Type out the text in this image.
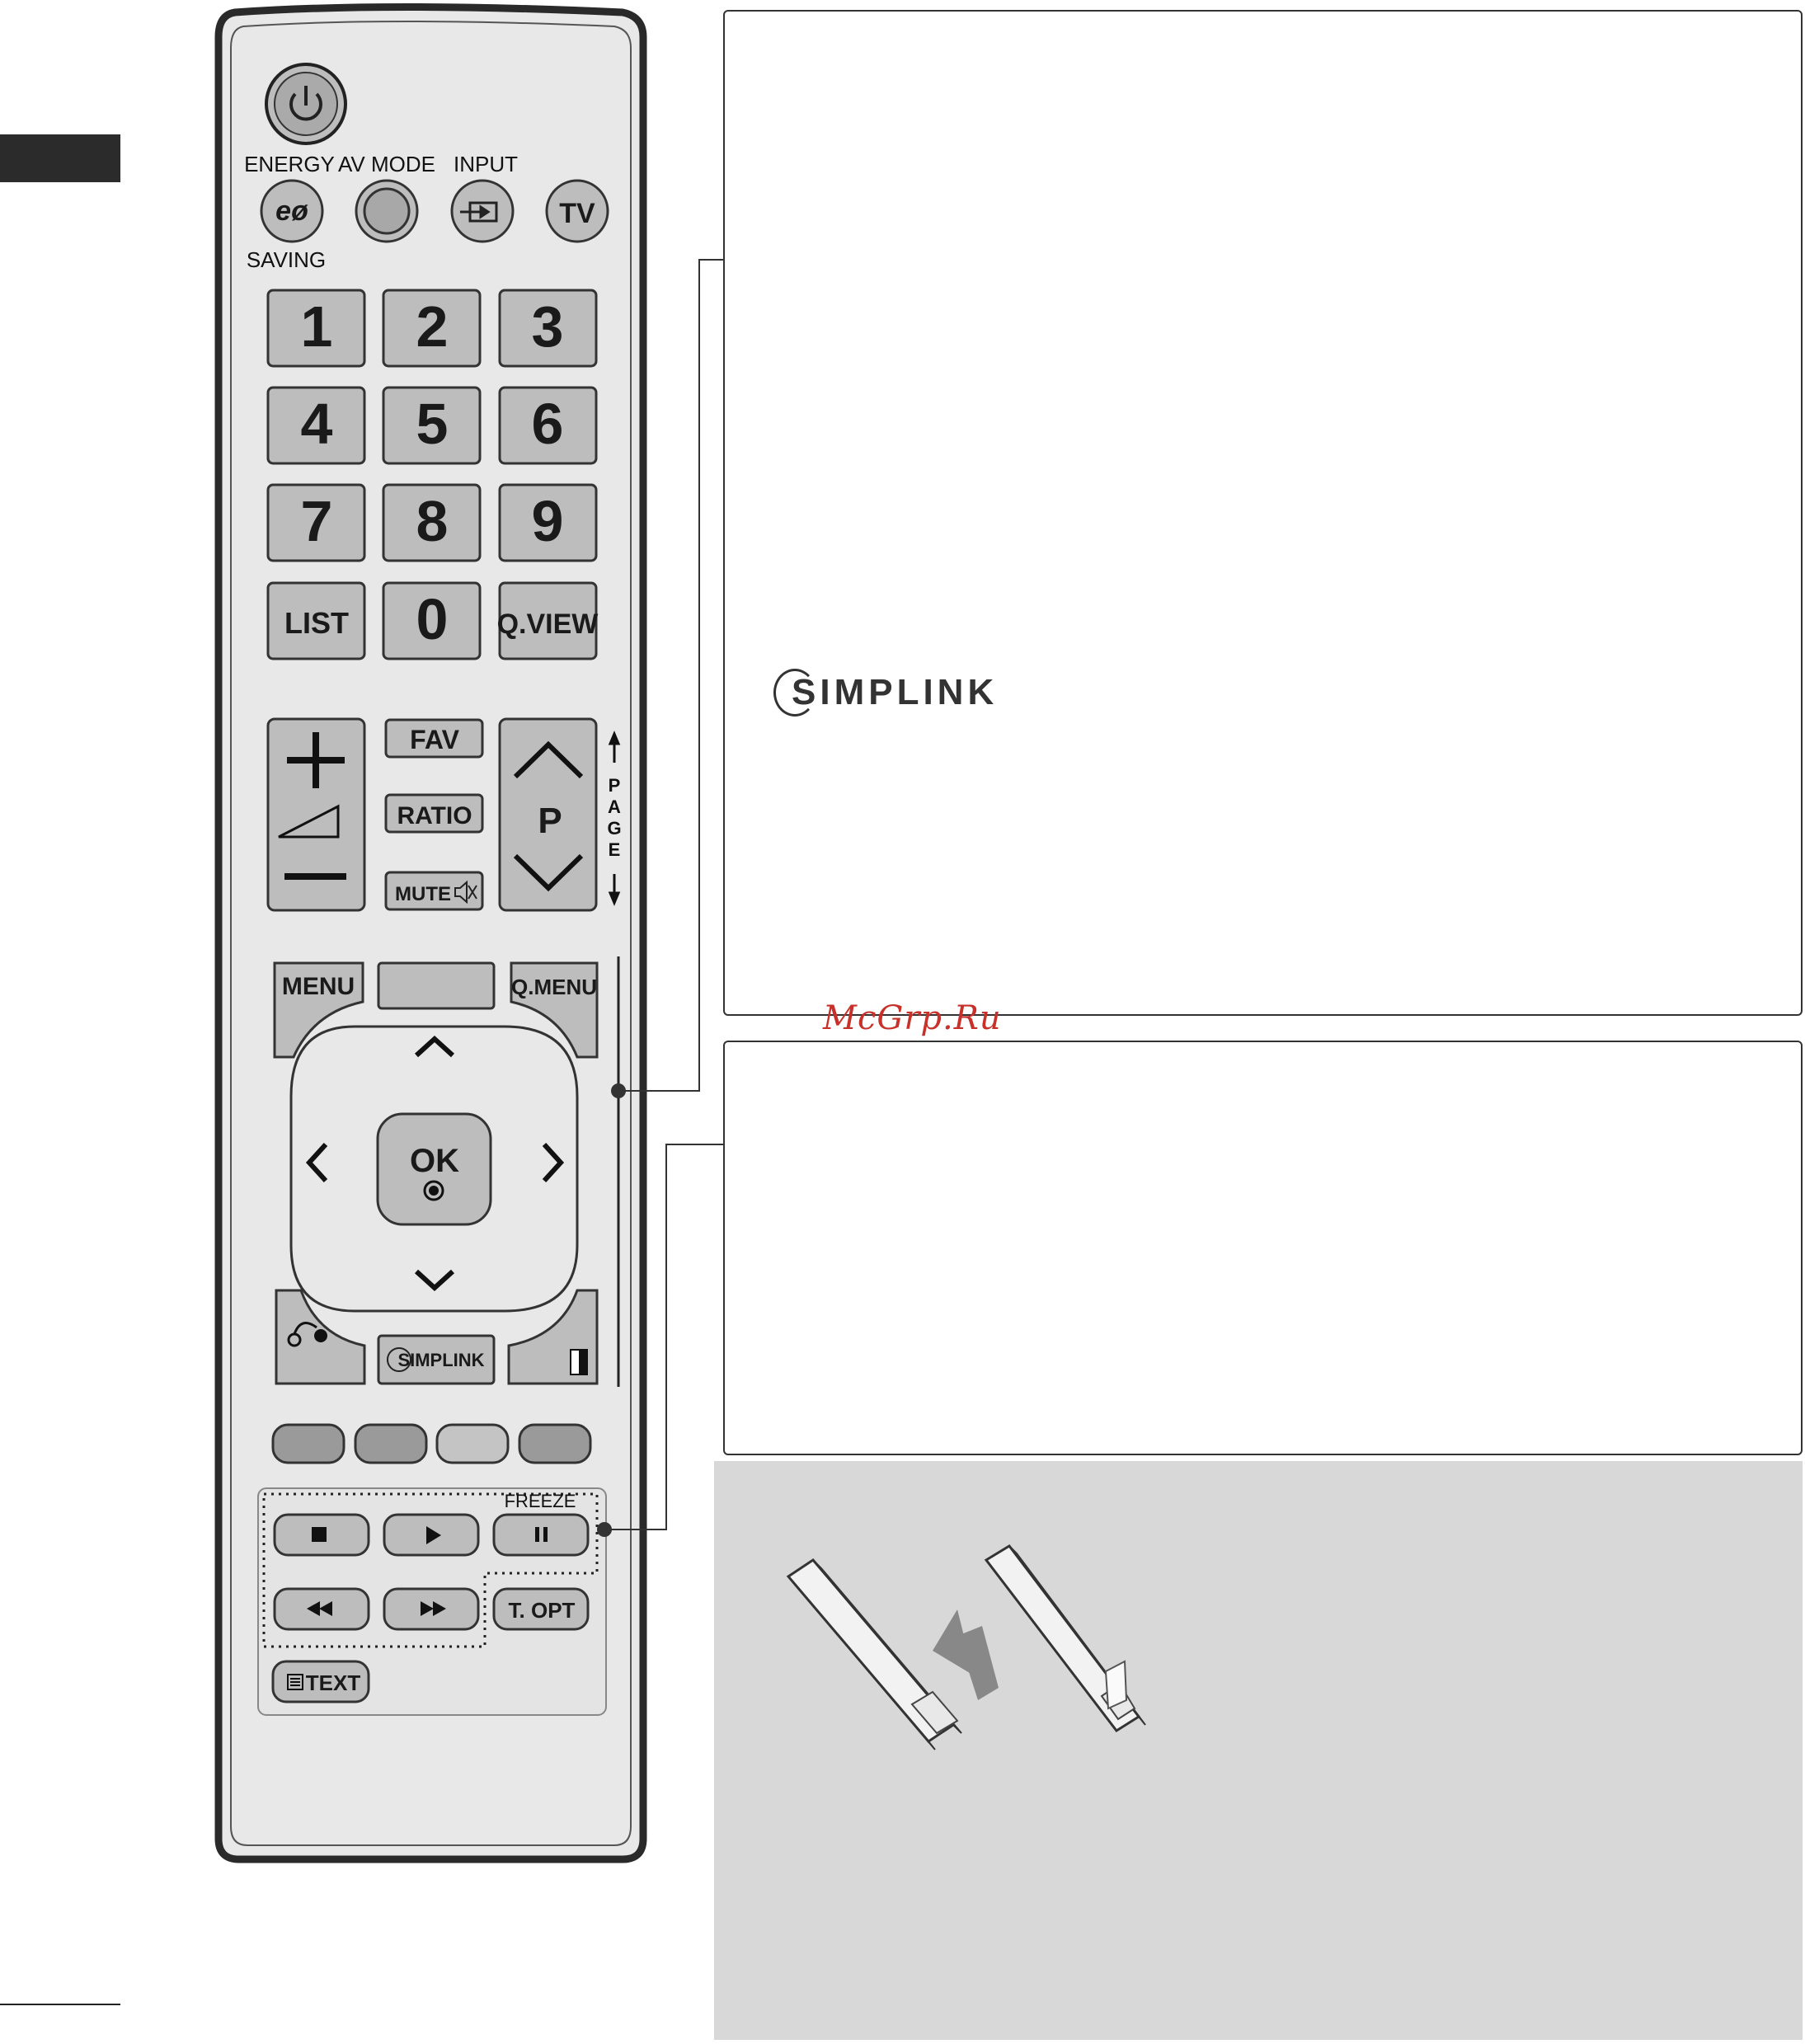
SIMPLINK
McGrp.Ru
ENERGY AV MODE INPUT
SAVING
eø	TV
1 2 3
4 5 6
7 8 9
LIST 0 Q.VIEW
FAV
RATIO
MUTE
P
P
A
G
E
MENU	Q.MENU
OK
SIMPLINK
FREEZE
T. OPT
TEXT
